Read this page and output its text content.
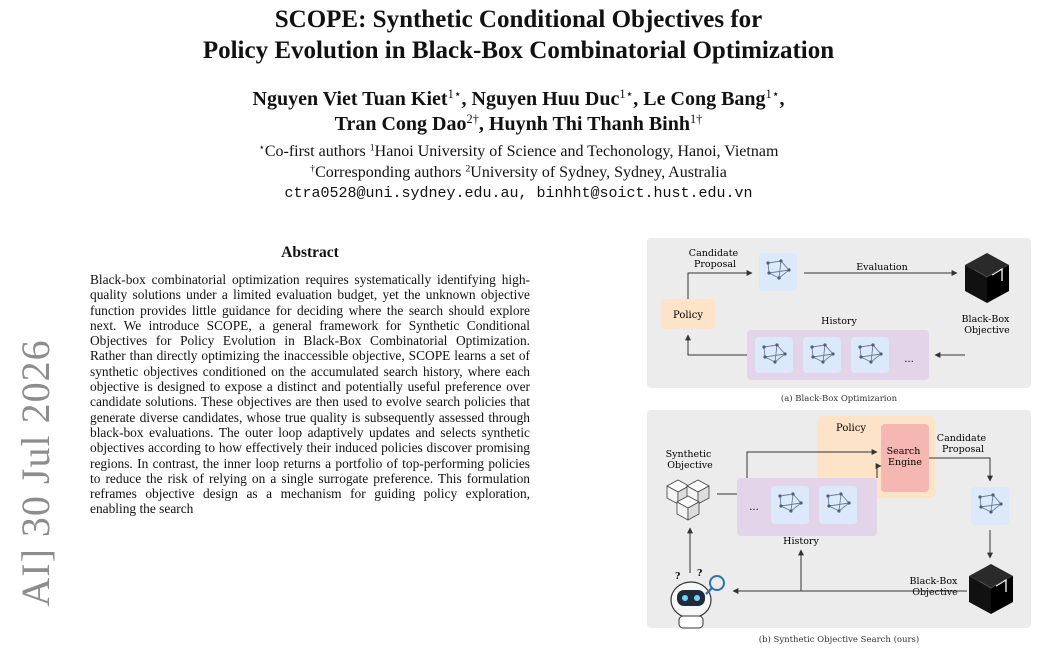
SCOPE: Synthetic Conditional Objectives for
Policy Evolution in Black-Box Combinatorial Optimization
Nguyen Viet Tuan Kiet$^{1⋆}$, Nguyen Huu Duc$^{1⋆}$, Le Cong Bang$^{1⋆}$,
Tran Cong Dao$^{2\dagger}$, Huynh Thi Thanh Binh$^{1\dagger}$
⋆Co-first authors $^1$Hanoi University of Science and Techonology, Hanoi, Vietnam
†Corresponding authors $^2$University of Sydney, Sydney, Australia
ctra0528@uni.sydney.edu.au, binhht@soict.hust.edu.vn
AI] 30 Jul 2026
Abstract
Black-box combinatorial optimization requires systematically identifying high-quality solutions under a limited evaluation budget, yet the unknown objective function provides little guidance for deciding where the search should explore next. We introduce SCOPE, a general framework for Synthetic Conditional Objectives for Policy Evolution in Black-Box Combinatorial Optimization. Rather than directly optimizing the inaccessible objective, SCOPE learns a set of synthetic objectives conditioned on the accumulated search history, where each objective is designed to expose a distinct and potentially useful preference over candidate solutions. These objectives are then used to evolve search policies that generate diverse candidates, whose true quality is subsequently assessed through black-box evaluations. The outer loop adaptively updates and selects synthetic objectives according to how effectively their induced policies discover promising regions. In contrast, the inner loop returns a portfolio of top-performing policies to reduce the risk of relying on a single surrogate preference. This formulation reframes objective design as a mechanism for guiding policy exploration, enabling the search
Candidate Proposal	Evaluation
Black-Box Objective
Policy
History
...
(a) Black-Box Optimizarion
Policy
Search Engine
Candidate Proposal
Black-Box Objective
Synthetic Objective
...
History
? ?
(b) Synthetic Objective Search (ours)
